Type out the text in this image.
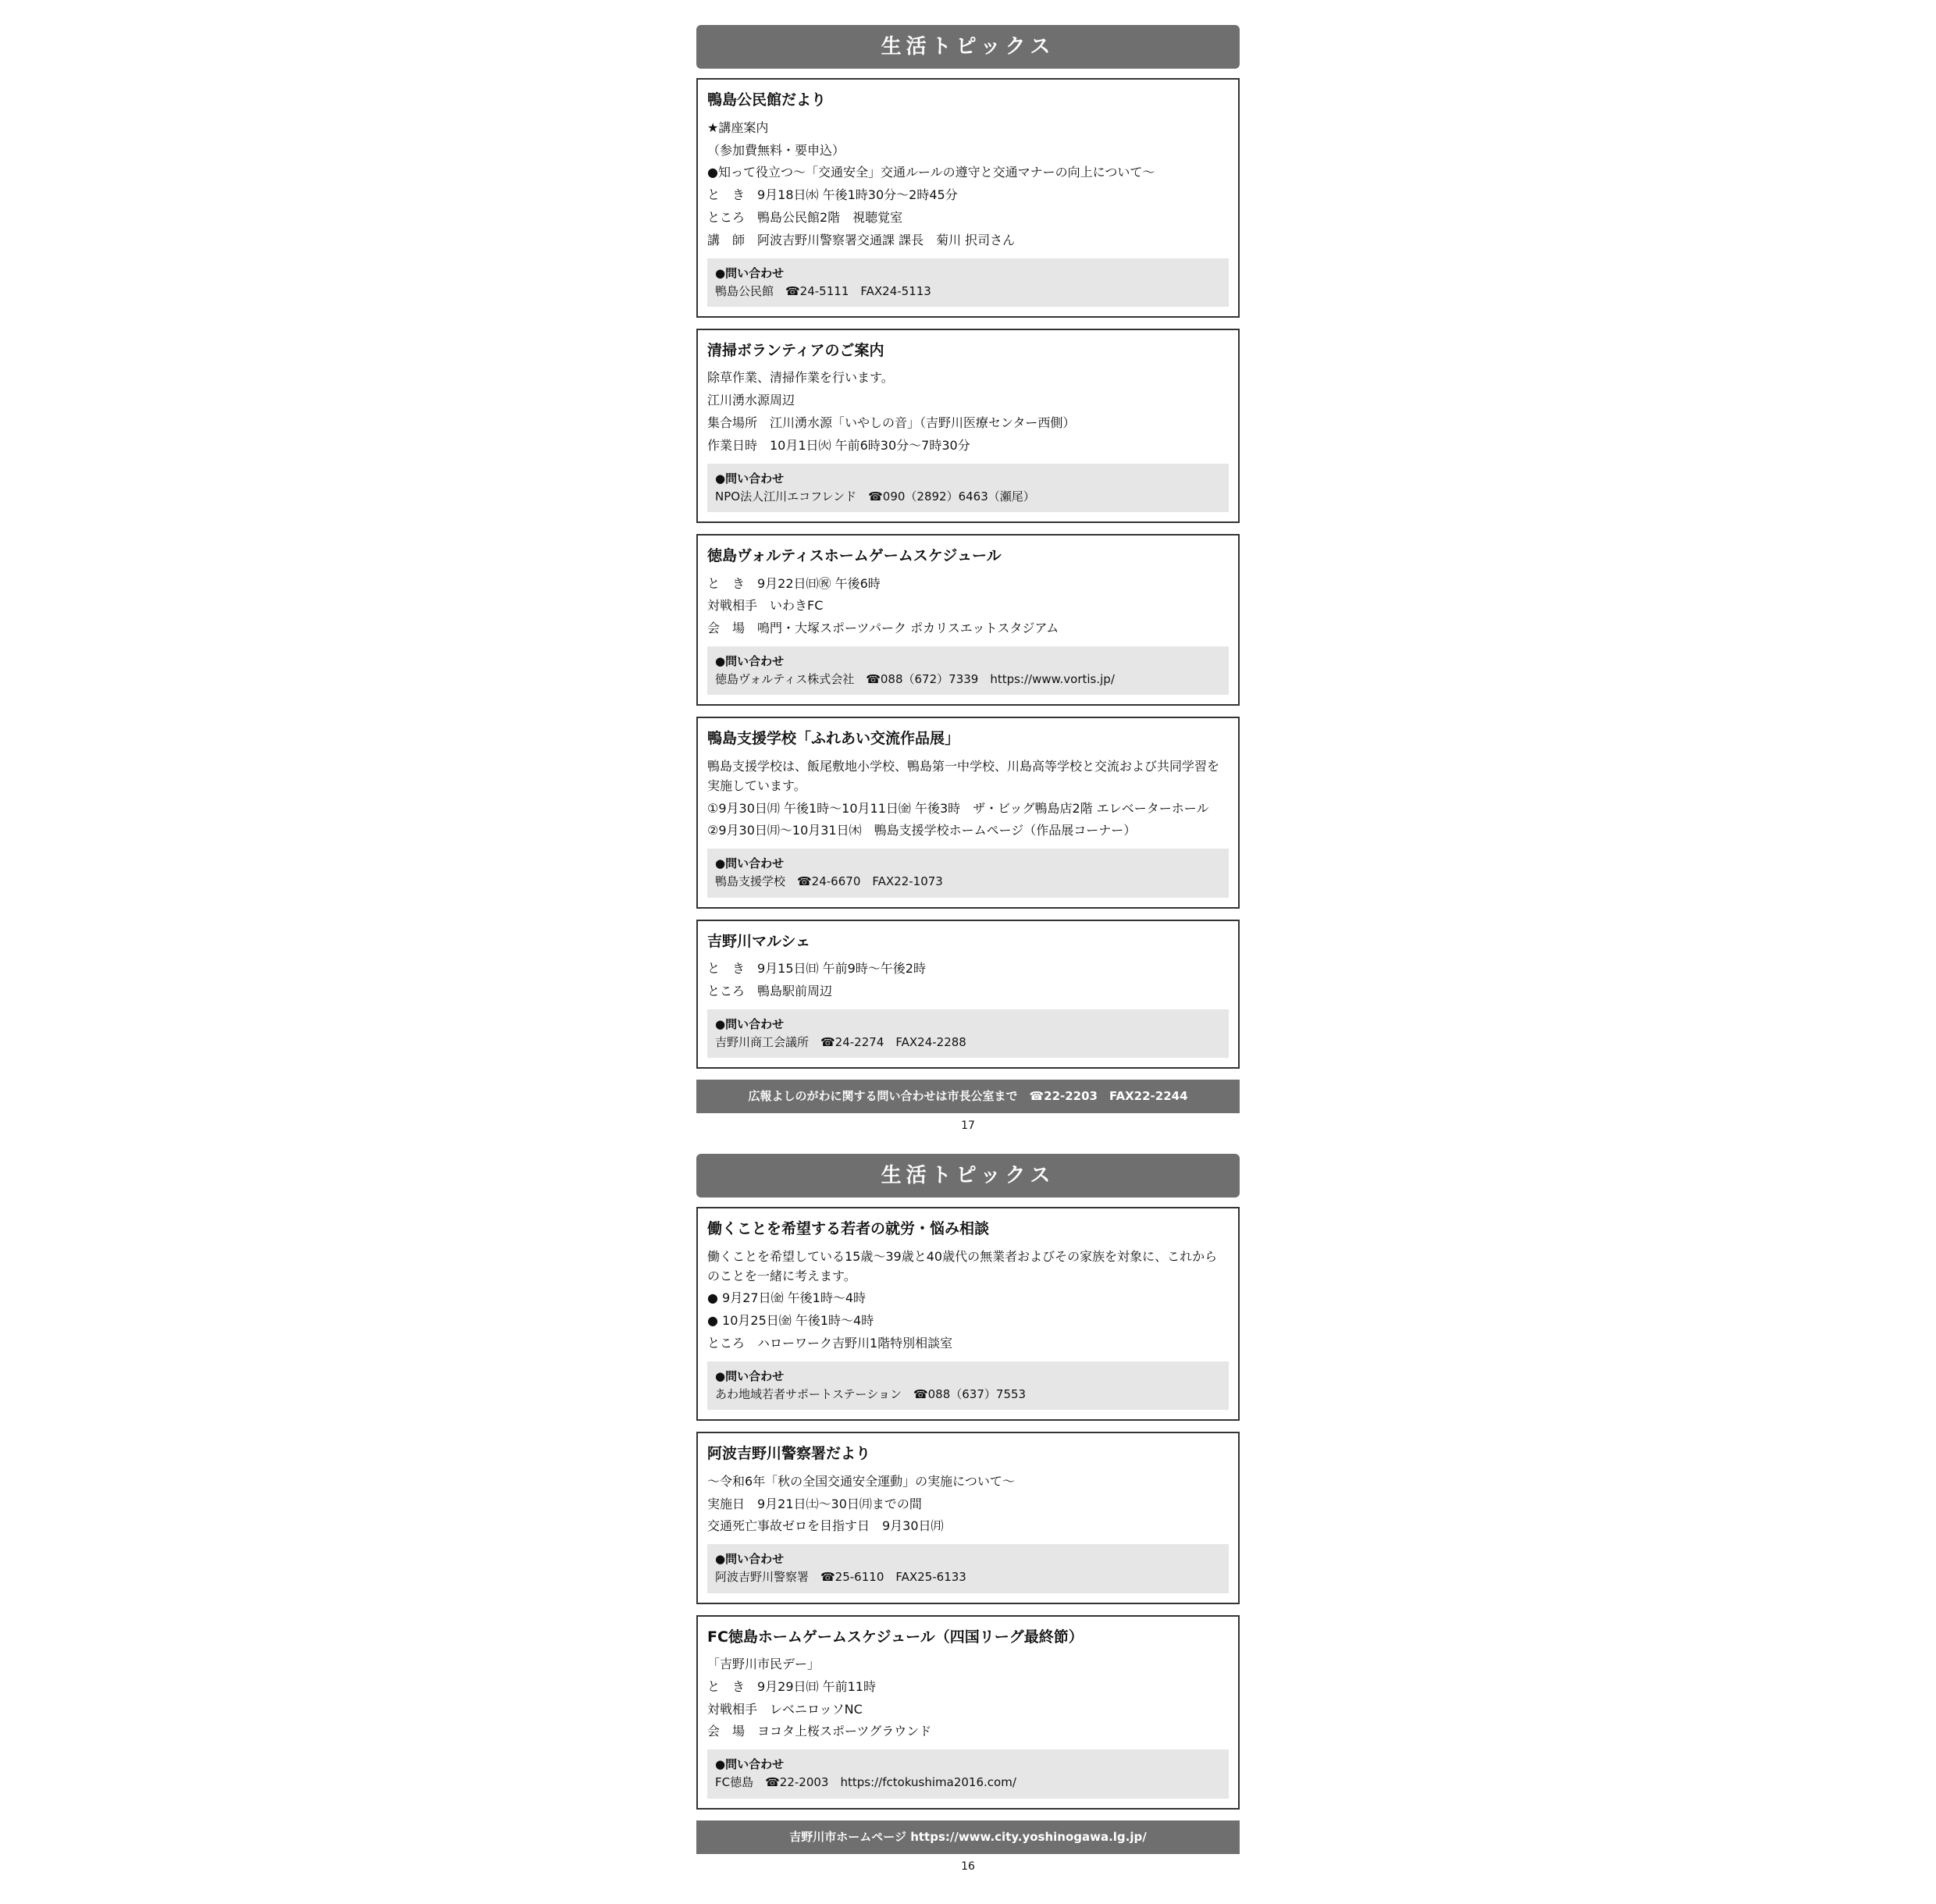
生活トピックス
鴨島公民館だより

★講座案内

（参加費無料・要申込）

●知って役立つ〜「交通安全」交通ルールの遵守と交通マナーの向上について〜

と　き　9月18日㈬ 午後1時30分〜2時45分

ところ　鴨島公民館2階　視聴覚室

講　師　阿波吉野川警察署交通課 課長　菊川 択司さん

●問い合わせ
鴨島公民館　☎24-5111　FAX24-5113
清掃ボランティアのご案内

除草作業、清掃作業を行います。

江川湧水源周辺

集合場所　江川湧水源「いやしの音」（吉野川医療センター西側）

作業日時　10月1日㈫ 午前6時30分〜7時30分

●問い合わせ
NPO法人江川エコフレンド　☎090（2892）6463（瀬尾）
徳島ヴォルティスホームゲームスケジュール

と　き　9月22日㈰㊗ 午後6時

対戦相手　いわきFC

会　場　鳴門・大塚スポーツパーク ポカリスエットスタジアム

●問い合わせ
徳島ヴォルティス株式会社　☎088（672）7339　https://www.vortis.jp/
鴨島支援学校「ふれあい交流作品展」

鴨島支援学校は、飯尾敷地小学校、鴨島第一中学校、川島高等学校と交流および共同学習を実施しています。

①9月30日㈪ 午後1時〜10月11日㈮ 午後3時　ザ・ビッグ鴨島店2階 エレベーターホール

②9月30日㈪〜10月31日㈭　鴨島支援学校ホームページ（作品展コーナー）

●問い合わせ
鴨島支援学校　☎24-6670　FAX22-1073
吉野川マルシェ

と　き　9月15日㈰ 午前9時〜午後2時

ところ　鴨島駅前周辺

●問い合わせ
吉野川商工会議所　☎24-2274　FAX24-2288
広報よしのがわに関する問い合わせは市長公室まで　☎22-2203　FAX22-2244

17

生活トピックス
働くことを希望する若者の就労・悩み相談

働くことを希望している15歳〜39歳と40歳代の無業者およびその家族を対象に、これからのことを一緒に考えます。

● 9月27日㈮ 午後1時〜4時

● 10月25日㈮ 午後1時〜4時

ところ　ハローワーク吉野川1階特別相談室

●問い合わせ
あわ地域若者サポートステーション　☎088（637）7553
阿波吉野川警察署だより

〜令和6年「秋の全国交通安全運動」の実施について〜

実施日　9月21日㈯〜30日㈪までの間

交通死亡事故ゼロを目指す日　9月30日㈪

●問い合わせ
阿波吉野川警察署　☎25-6110　FAX25-6133
FC徳島ホームゲームスケジュール（四国リーグ最終節）

「吉野川市民デー」

と　き　9月29日㈰ 午前11時

対戦相手　レベニロッソNC

会　場　ヨコタ上桜スポーツグラウンド

●問い合わせ
FC徳島　☎22-2003　https://fctokushima2016.com/
吉野川市ホームページ https://www.city.yoshinogawa.lg.jp/

16
